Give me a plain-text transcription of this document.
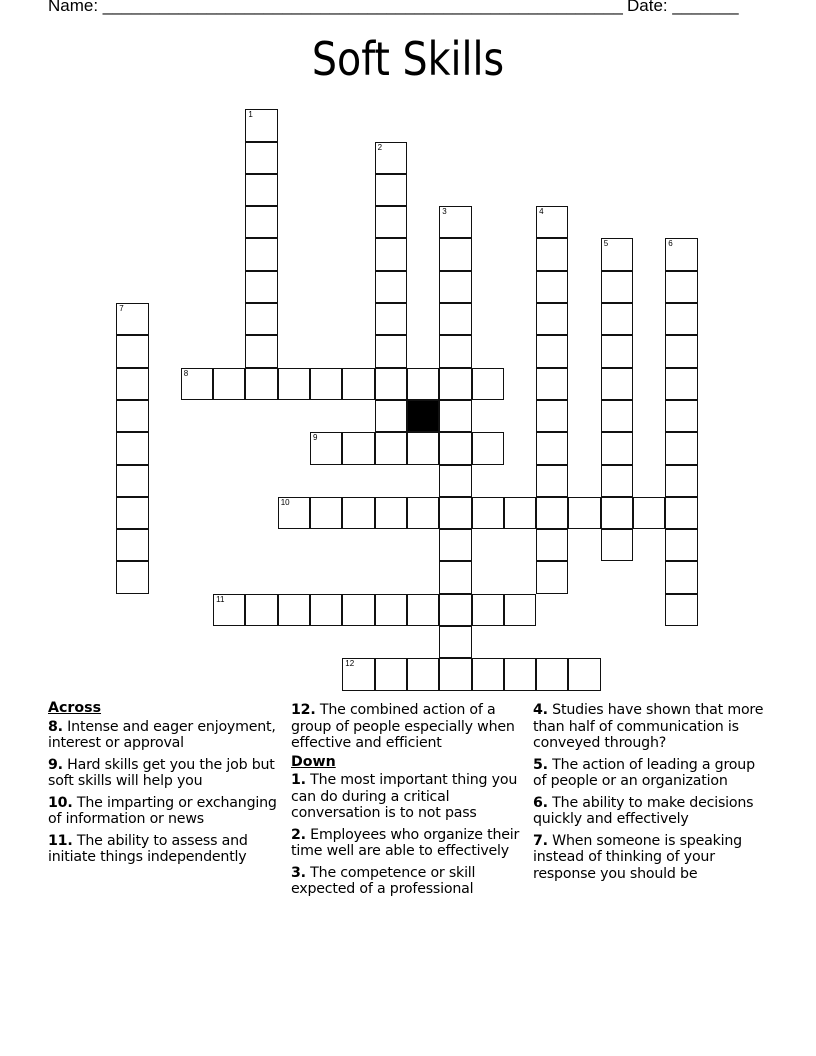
Name: _______________________________________________________ Date: _______
Soft Skills
1
2
3	4
5	6
7
8
9
10
11
12
Across
8. Intense and eager enjoyment, interest or approval
9. Hard skills get you the job but soft skills will help you
10. The imparting or exchanging of information or news
11. The ability to assess and initiate things independently
12. The combined action of a group of people especially when effective and efficient
Down
1. The most important thing you can do during a critical conversation is to not pass
2. Employees who organize their time well are able to effectively
3. The competence or skill expected of a professional
4. Studies have shown that more than half of communication is conveyed through?
5. The action of leading a group of people or an organization
6. The ability to make decisions quickly and effectively
7. When someone is speaking instead of thinking of your response you should be
